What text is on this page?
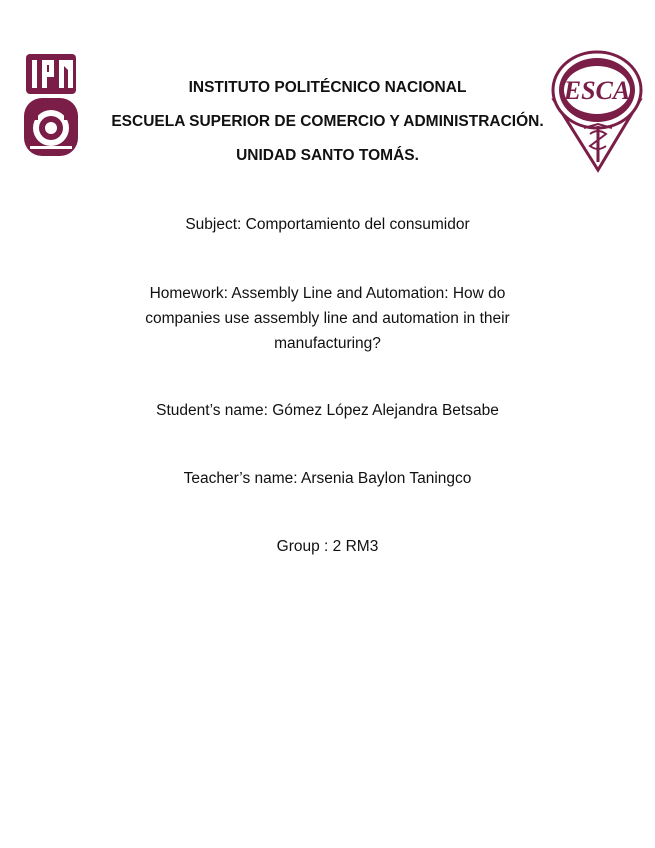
ESCA
INSTITUTO POLITÉCNICO NACIONAL
ESCUELA SUPERIOR DE COMERCIO Y ADMINISTRACIÓN.
UNIDAD SANTO TOMÁS.
Subject: Comportamiento del consumidor
Homework: Assembly Line and Automation: How do
companies use assembly line and automation in their
manufacturing?
Student’s name: Gómez López Alejandra Betsabe
Teacher’s name: Arsenia Baylon Taningco
Group : 2 RM3
